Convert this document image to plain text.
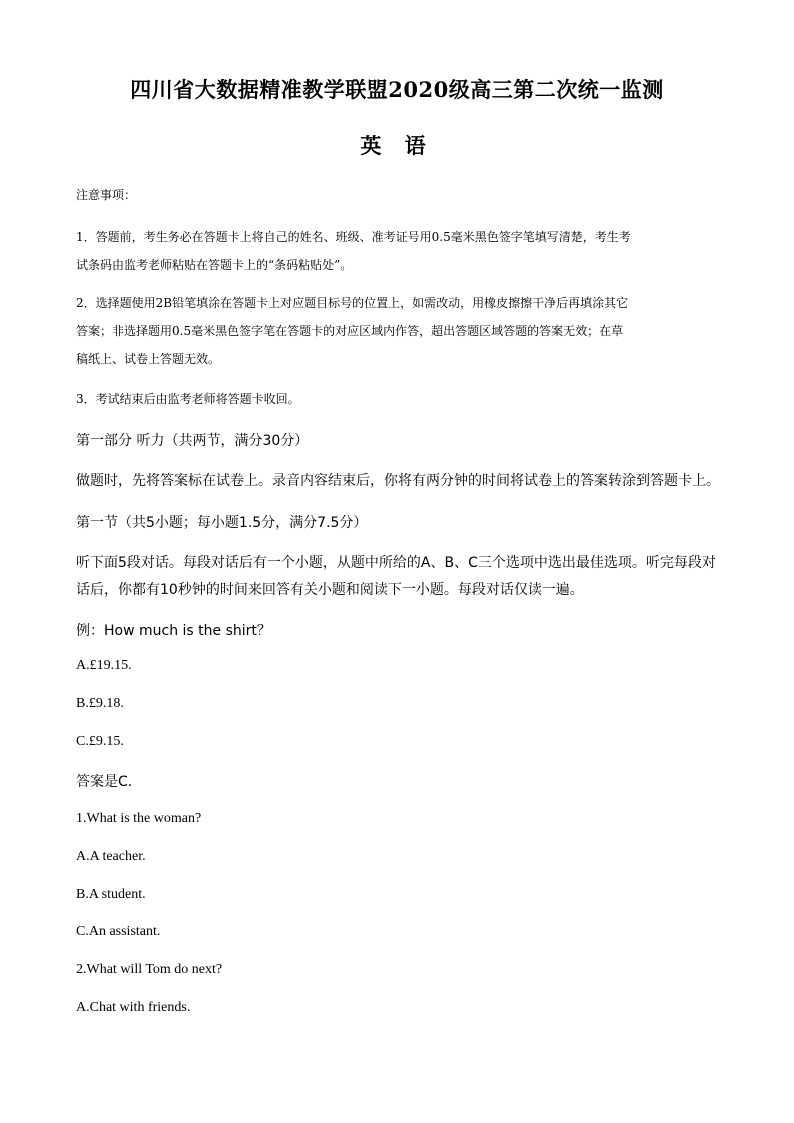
四川省大数据精准教学联盟2020级高三第二次统一监测
英 语
注意事项：
1．答题前，考生务必在答题卡上将自己的姓名、班级、准考证号用0.5毫米黑色签字笔填写清楚，考生考
试条码由监考老师粘贴在答题卡上的“条码粘贴处”。
2．选择题使用2B铅笔填涂在答题卡上对应题目标号的位置上，如需改动，用橡皮擦擦干净后再填涂其它
答案；非选择题用0.5毫米黑色签字笔在答题卡的对应区域内作答，超出答题区域答题的答案无效；在草
稿纸上、试卷上答题无效。
3．考试结束后由监考老师将答题卡收回。
第一部分 听力（共两节，满分30分）
做题时，先将答案标在试卷上。录音内容结束后，你将有两分钟的时间将试卷上的答案转涂到答题卡上。
第一节（共5小题；每小题1.5分，满分7.5分）
听下面5段对话。每段对话后有一个小题，从题中所给的A、B、C三个选项中选出最佳选项。听完每段对
话后，你都有10秒钟的时间来回答有关小题和阅读下一小题。每段对话仅读一遍。
例：How much is the shirt？
A.£19.15.
B.£9.18.
C.£9.15.
答案是C.
1.What is the woman?
A.A teacher.
B.A student.
C.An assistant.
2.What will Tom do next?
A.Chat with friends.
